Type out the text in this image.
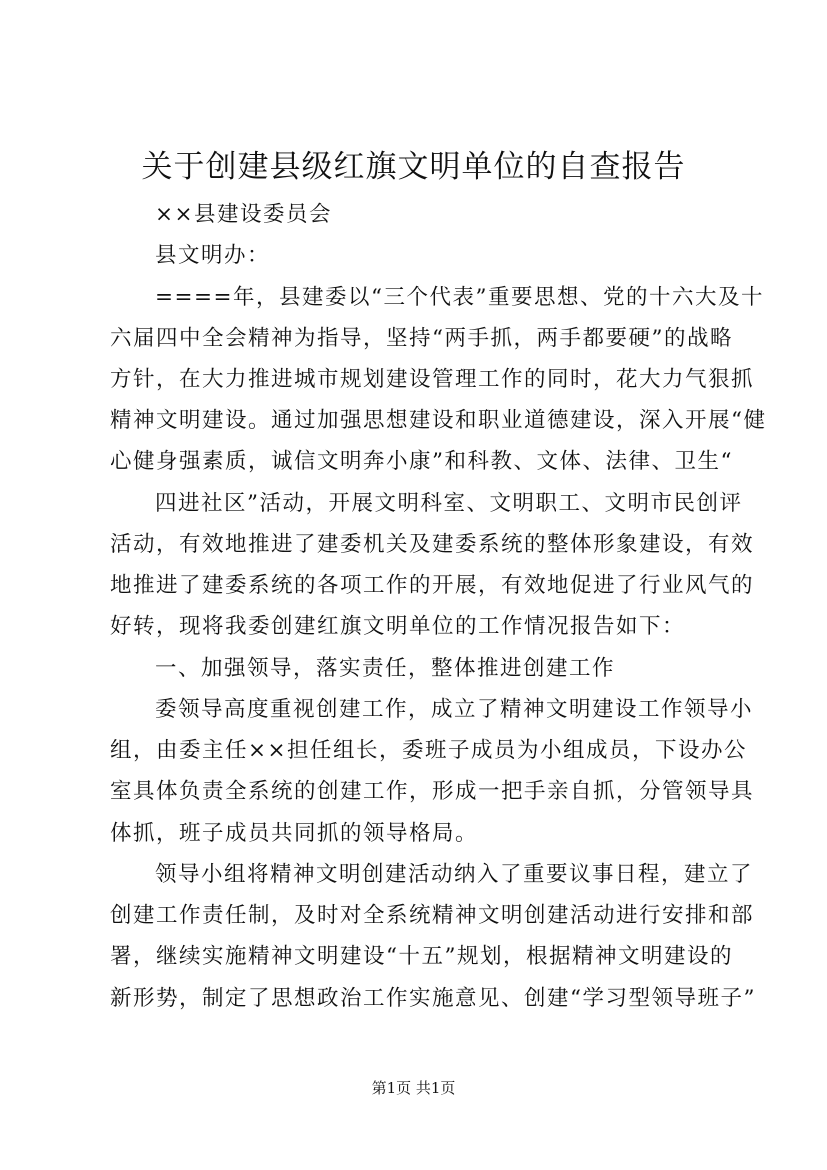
关于创建县级红旗文明单位的自查报告
××县建设委员会
县文明办：
====年，县建委以“三个代表”重要思想、党的十六大及十
六届四中全会精神为指导，坚持“两手抓，两手都要硬”的战略
方针，在大力推进城市规划建设管理工作的同时，花大力气狠抓
精神文明建设。通过加强思想建设和职业道德建设，深入开展“健
心健身强素质，诚信文明奔小康”和科教、文体、法律、卫生“
四进社区”活动，开展文明科室、文明职工、文明市民创评
活动，有效地推进了建委机关及建委系统的整体形象建设，有效
地推进了建委系统的各项工作的开展，有效地促进了行业风气的
好转，现将我委创建红旗文明单位的工作情况报告如下：
一、加强领导，落实责任，整体推进创建工作
委领导高度重视创建工作，成立了精神文明建设工作领导小
组，由委主任××担任组长，委班子成员为小组成员，下设办公
室具体负责全系统的创建工作，形成一把手亲自抓，分管领导具
体抓，班子成员共同抓的领导格局。
领导小组将精神文明创建活动纳入了重要议事日程，建立了
创建工作责任制，及时对全系统精神文明创建活动进行安排和部
署，继续实施精神文明建设“十五”规划，根据精神文明建设的
新形势，制定了思想政治工作实施意见、创建“学习型领导班子”
第1页 共1页
